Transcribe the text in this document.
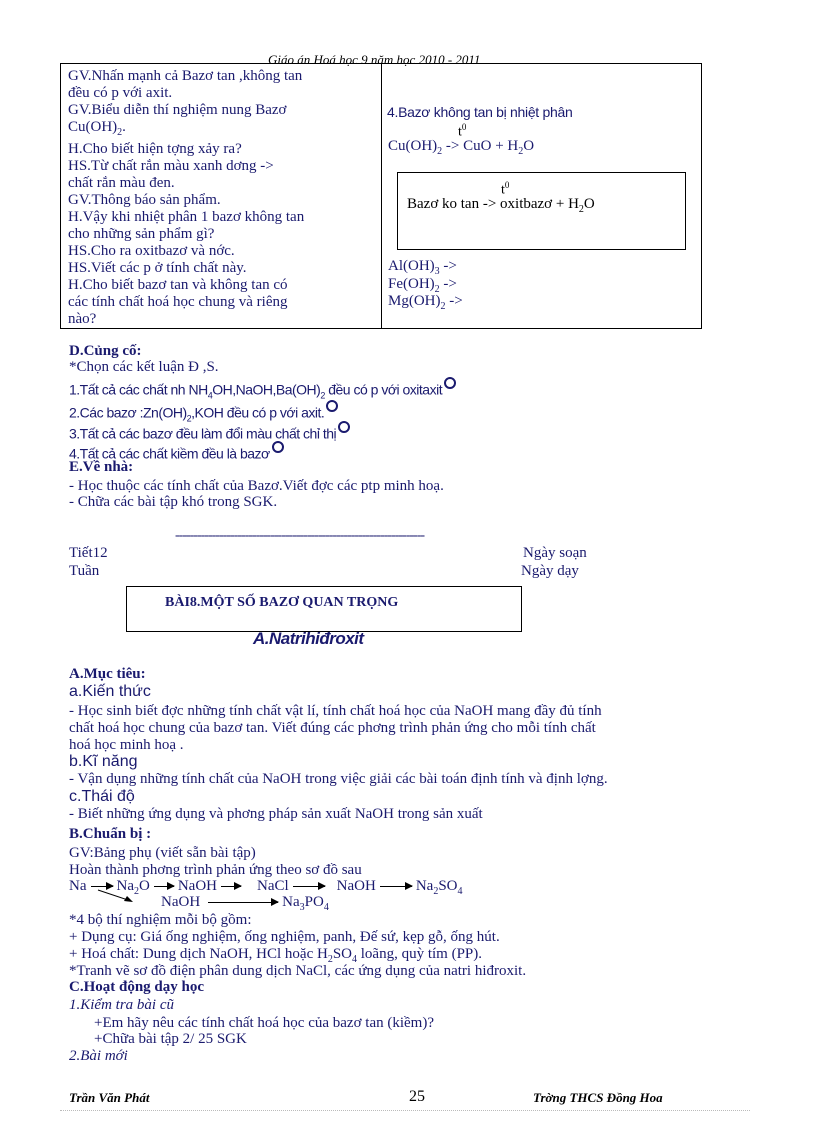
Giáo án Hoá học 9 năm học 2010 - 2011
GV.Nhấn mạnh cả Bazơ tan ,không tan
đều có p với axit.
GV.Biểu diễn thí nghiệm nung Bazơ
$Cu(OH)_2$.
H.Cho biết hiện tợng xảy ra?
HS.Từ chất rắn màu xanh dơng ->
chất rắn màu đen.
GV.Thông báo sản phẩm.
H.Vậy khi nhiệt phân 1 bazơ không tan
cho những sản phẩm gì?
HS.Cho ra oxitbazơ và nớc.
HS.Viết các p ở tính chất này.
H.Cho biết bazơ tan và không tan có
các tính chất hoá học chung và riêng
nào?

4.Bazơ không tan bị nhiệt phân
$t^0$
$Cu(OH)_2$ -> CuO + $H_2O$
$t^0$
Bazơ ko tan -> oxitbazơ + $H_2O$
$Al(OH)_3$ ->
$Fe(OH)_2$ ->
$Mg(OH)_2$ ->
D.Củng cố:
*Chọn các kết luận Đ ,S.
1.Tất cả các chất nh $NH_4OH,NaOH,Ba(OH)_2$ đều có p với oxitaxit
2.Các bazơ $:Zn(OH)_2,KOH$ đều có p với axit.
3.Tất cả các bazơ đều làm đổi màu chất chỉ thị
4.Tất cả các chất kiềm đều là bazơ
E.Về nhà:
- Học thuộc các tính chất của Bazơ.Viết đợc các ptp minh hoạ.
- Chữa các bài tập khó trong SGK.
--------------------------------------------------------------------
Tiết12
Tuần
Ngày soạn
Ngày dạy
BÀI8.MỘT SỐ BAZƠ QUAN TRỌNG
A.Natrihiđroxit
A.Mục tiêu:
a.Kiến thức
- Học sinh biết đợc những tính chất vật lí, tính chất hoá học của NaOH mang đầy đủ tính
chất hoá học chung của bazơ tan. Viết đúng các phơng trình phản ứng cho mỗi tính chất
hoá học minh hoạ .
b.Kĩ năng
- Vận dụng những tính chất của NaOH trong việc giải các bài toán định tính và định lợng.
c.Thái độ
- Biết những ứng dụng và phơng pháp sản xuất NaOH trong sản xuất
B.Chuẩn bị :
GV:Bảng phụ (viết sẵn bài tập)
Hoàn thành phơng trình phản ứng theo sơ đồ sau
Na $Na_2O$ NaOH	NaCl	NaOH	$Na_2SO_4$
NaOH	$Na_3PO_4$
*4 bộ thí nghiệm mỗi bộ gồm:
+ Dụng cụ: Giá ống nghiệm, ống nghiệm, panh, Đế sứ, kẹp gỗ, ống hút.
+ Hoá chất: Dung dịch NaOH, HCl hoặc $H_2SO_4$ loãng, quỳ tím (PP).
*Tranh vẽ sơ đồ điện phân dung dịch NaCl, các ứng dụng của natri hiđroxit.
C.Hoạt động dạy học
1.Kiểm tra bài cũ
+Em hãy nêu các tính chất hoá học của bazơ tan (kiềm)?
+Chữa bài tập 2/ 25 SGK
2.Bài mới
Trần Văn Phát	25	Trờng THCS Đồng Hoa
